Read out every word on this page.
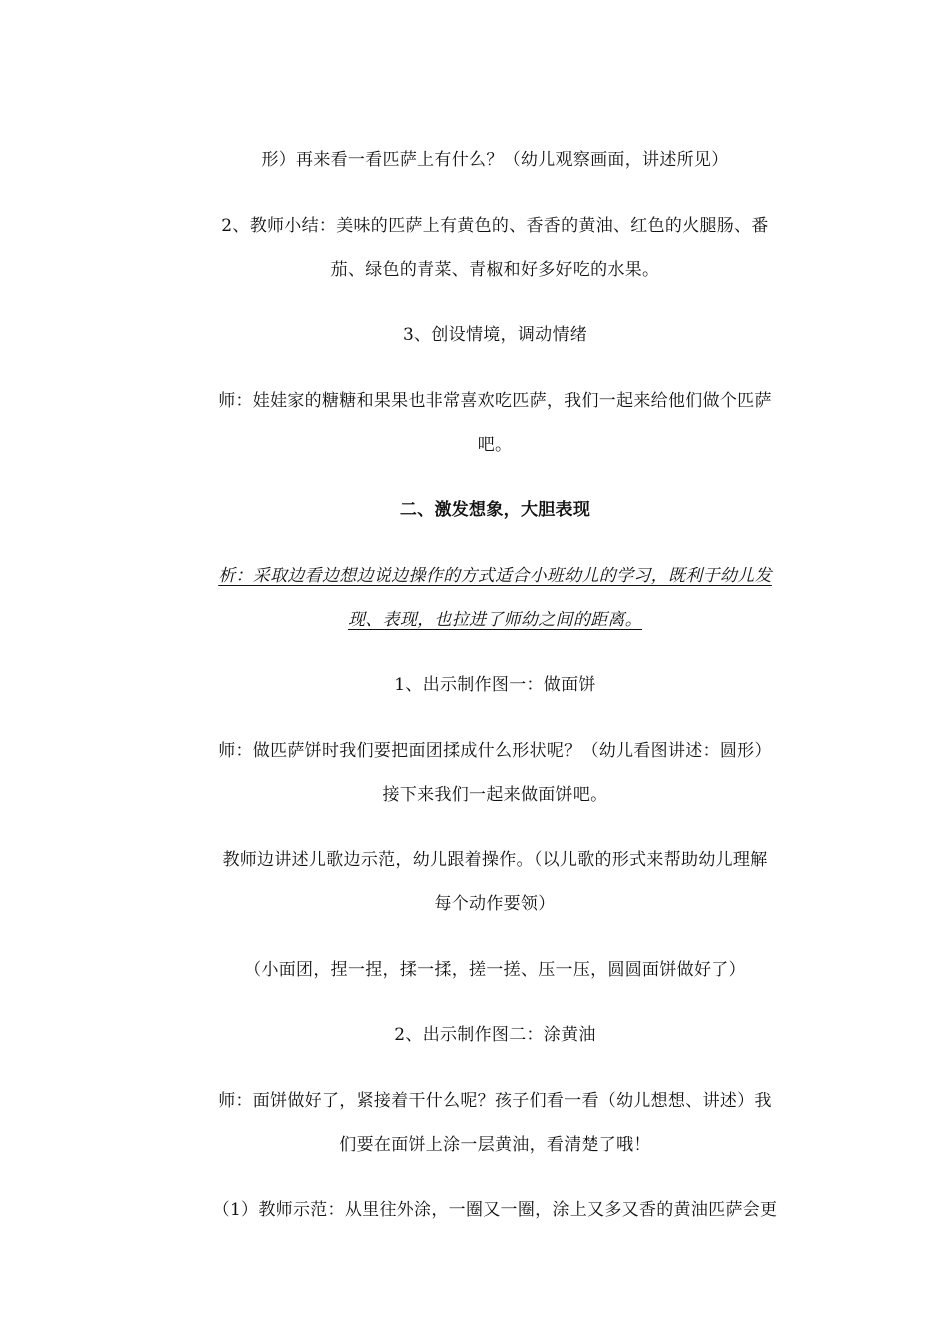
形）再来看一看匹萨上有什么？（幼儿观察画面，讲述所见）
2、教师小结：美味的匹萨上有黄色的、香香的黄油、红色的火腿肠、番
茄、绿色的青菜、青椒和好多好吃的水果。
3、创设情境，调动情绪
师：娃娃家的糖糖和果果也非常喜欢吃匹萨，我们一起来给他们做个匹萨
吧。
二、激发想象，大胆表现
析：采取边看边想边说边操作的方式适合小班幼儿的学习，既利于幼儿发
现、表现，也拉进了师幼之间的距离。
1、出示制作图一：做面饼
师：做匹萨饼时我们要把面团揉成什么形状呢？（幼儿看图讲述：圆形）
接下来我们一起来做面饼吧。
教师边讲述儿歌边示范，幼儿跟着操作。（以儿歌的形式来帮助幼儿理解
每个动作要领）
（小面团，捏一捏，揉一揉，搓一搓、压一压，圆圆面饼做好了）
2、出示制作图二：涂黄油
师：面饼做好了，紧接着干什么呢？孩子们看一看（幼儿想想、讲述）我
们要在面饼上涂一层黄油，看清楚了哦！
（1）教师示范：从里往外涂，一圈又一圈，涂上又多又香的黄油匹萨会更
